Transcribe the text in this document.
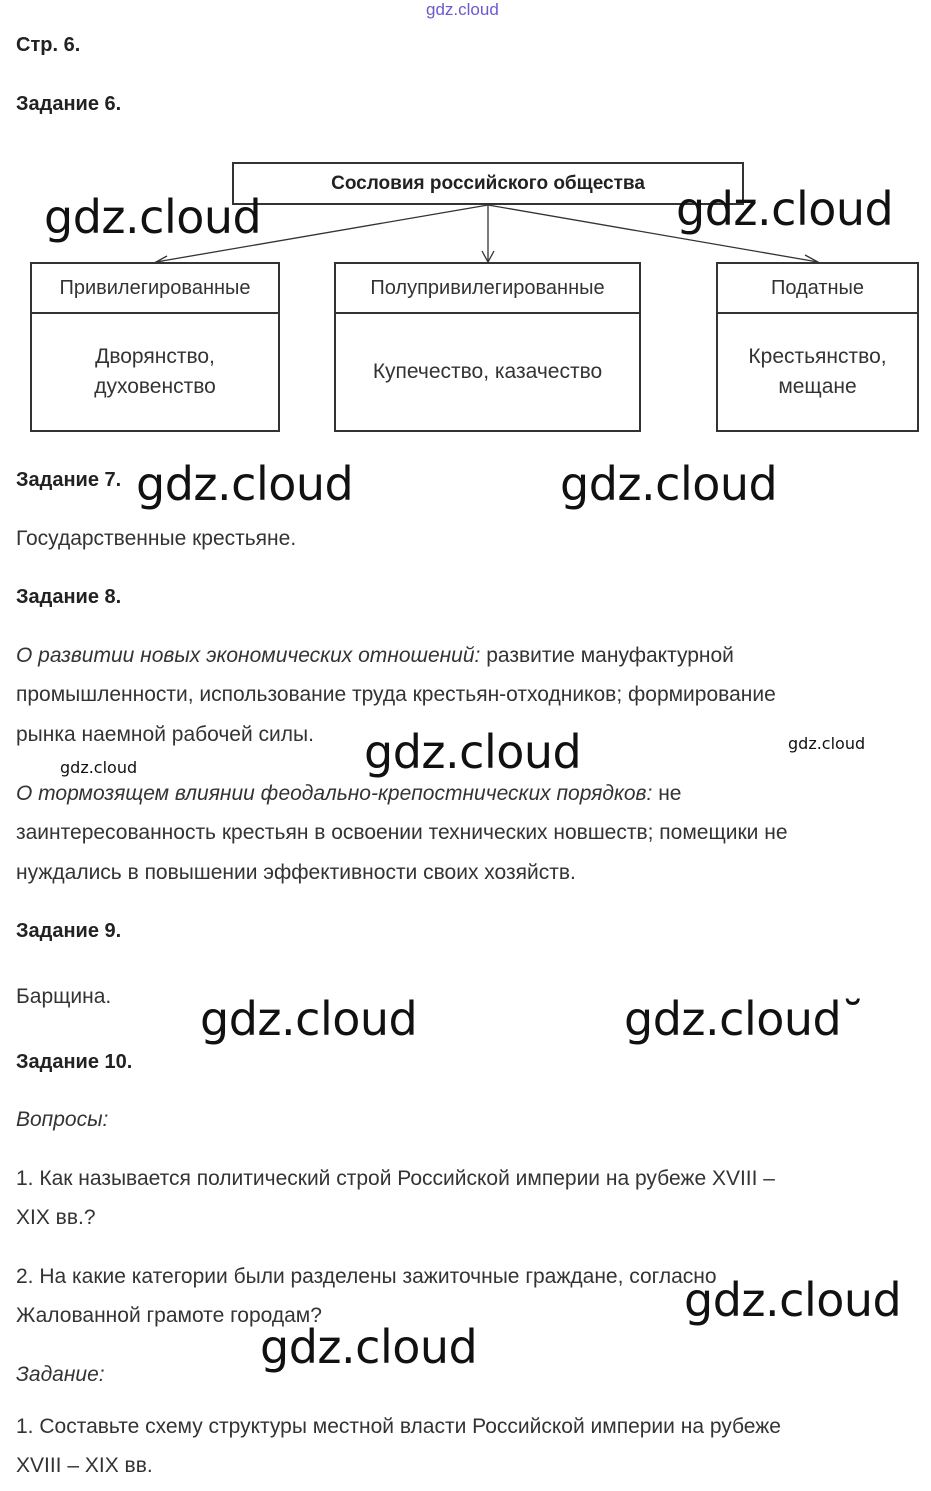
gdz.cloud
Стр. 6.
Задание 6.
Сословия российского общества
Привилегированные
Дворянство, духовенство
Полупривилегированные
Купечество, казачество
Податные
Крестьянство, мещане
Задание 7.
Государственные крестьяне.
Задание 8.
О развитии новых экономических отношений: развитие мануфактурной
промышленности, использование труда крестьян-отходников; формирование
рынка наемной рабочей силы.
О тормозящем влиянии феодально-крепостнических порядков: не
заинтересованность крестьян в освоении технических новшеств; помещики не
нуждались в повышении эффективности своих хозяйств.
Задание 9.
Барщина.
Задание 10.
Вопросы:
1. Как называется политический строй Российской империи на рубеже XVIII –
XIX вв.?
2. На какие категории были разделены зажиточные граждане, согласно
Жалованной грамоте городам?
Задание:
1. Составьте схему структуры местной власти Российской империи на рубеже
XVIII – XIX вв.
gdz.cloud	gdz.cloud
gdz.cloud	gdz.cloud
gdz.cloud	gdz.cloud
gdz.cloud
gdz.cloud	gdz.cloud˘
gdz.cloud
gdz.cloud
